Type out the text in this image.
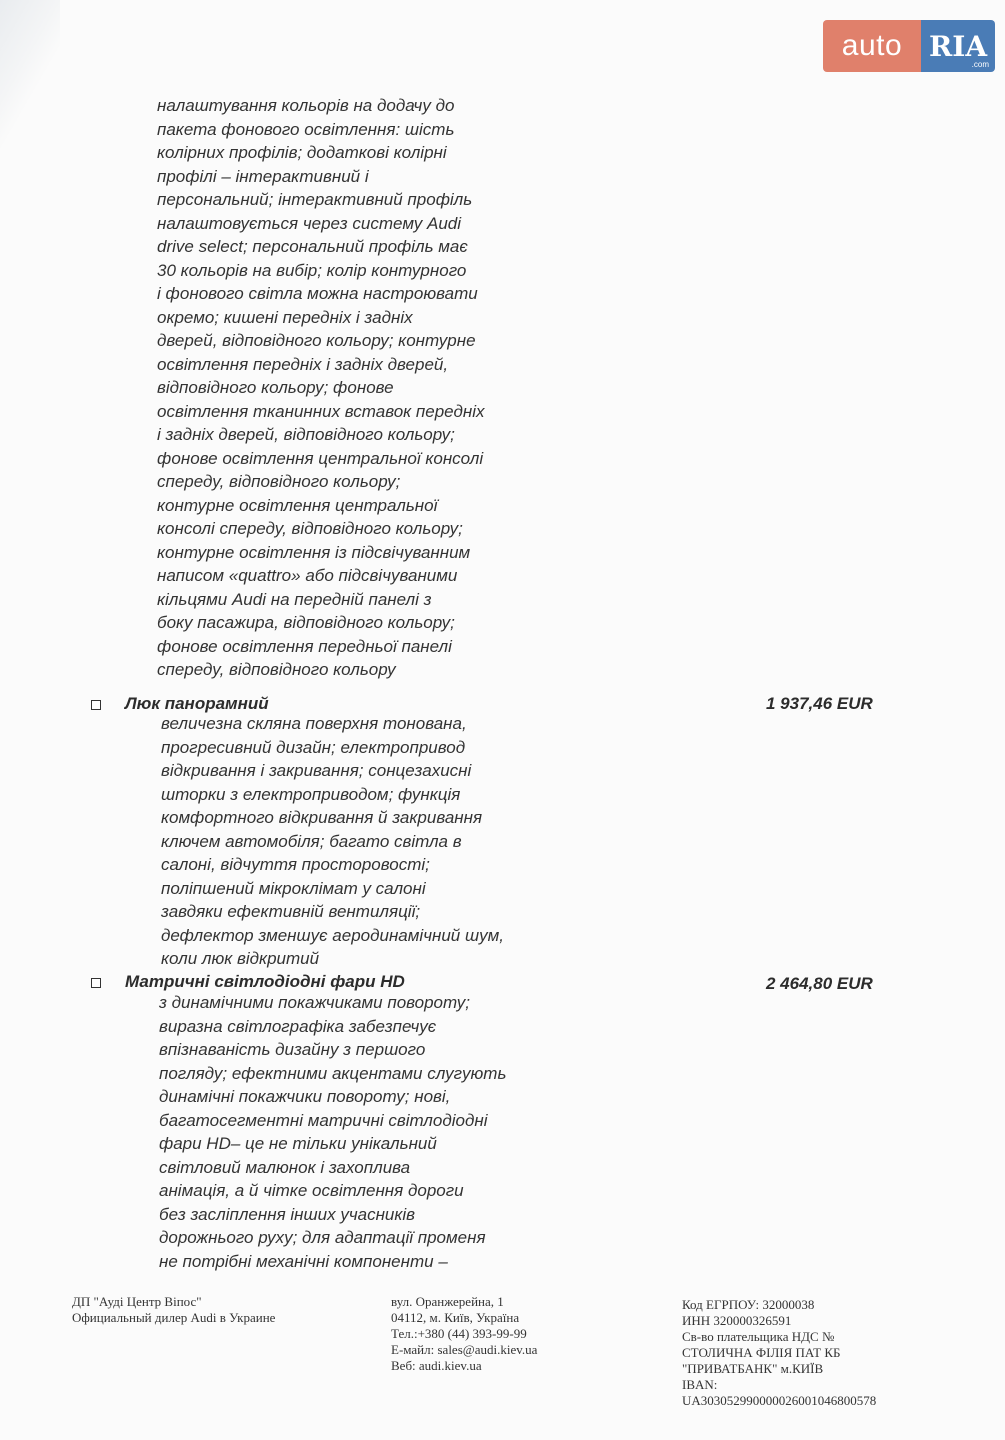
auto RIA
.com
налаштування кольорів на додачу до
пакета фонового освітлення: шість
колірних профілів; додаткові колірні
профілі – інтерактивний і
персональний; інтерактивний профіль
налаштовується через систему Audi
drive select; персональний профіль має
30 кольорів на вибір; колір контурного
і фонового світла можна настроювати
окремо; кишені передніх і задніх
дверей, відповідного кольору; контурне
освітлення передніх і задніх дверей,
відповідного кольору; фонове
освітлення тканинних вставок передніх
і задніх дверей, відповідного кольору;
фонове освітлення центральної консолі
спереду, відповідного кольору;
контурне освітлення центральної
консолі спереду, відповідного кольору;
контурне освітлення із підсвічуванним
написом «quattro» або підсвічуваними
кільцями Audi на передній панелі з
боку пасажира, відповідного кольору;
фонове освітлення передньої панелі
спереду, відповідного кольору
Люк панорамний	1 937,46 EUR
величезна скляна поверхня тонована,
прогресивний дизайн; електропривод
відкривання і закривання; сонцезахисні
шторки з електроприводом; функція
комфортного відкривання й закривання
ключем автомобіля; багато світла в
салоні, відчуття просторовості;
поліпшений мікроклімат у салоні
завдяки ефективній вентиляції;
дефлектор зменшує аеродинамічний шум,
коли люк відкритий
Матричні світлодіодні фари HD	2 464,80 EUR
з динамічними покажчиками повороту;
виразна світлографіка забезпечує
впізнаваність дизайну з першого
погляду; ефектними акцентами слугують
динамічні покажчики повороту; нові,
багатосегментні матричні світлодіодні
фари HD– це не тільки унікальний
світловий малюнок і захоплива
анімація, а й чітке освітлення дороги
без засліплення інших учасників
дорожнього руху; для адаптації променя
не потрібні механічні компоненти –
ДП "Ауді Центр Віпос"
Официальный дилер Audi в Украине
вул. Оранжерейна, 1
04112, м. Київ, Україна
Тел.:+380 (44) 393-99-99
E-майл: sales@audi.kiev.ua
Веб: audi.kiev.ua
Код ЕГРПОУ: 32000038
ИНН 320000326591
Св-во плательщика НДС №
СТОЛИЧНА ФІЛІЯ ПАТ КБ
"ПРИВАТБАНК" м.КИЇВ
IBAN:
UA303052990000026001046800578
